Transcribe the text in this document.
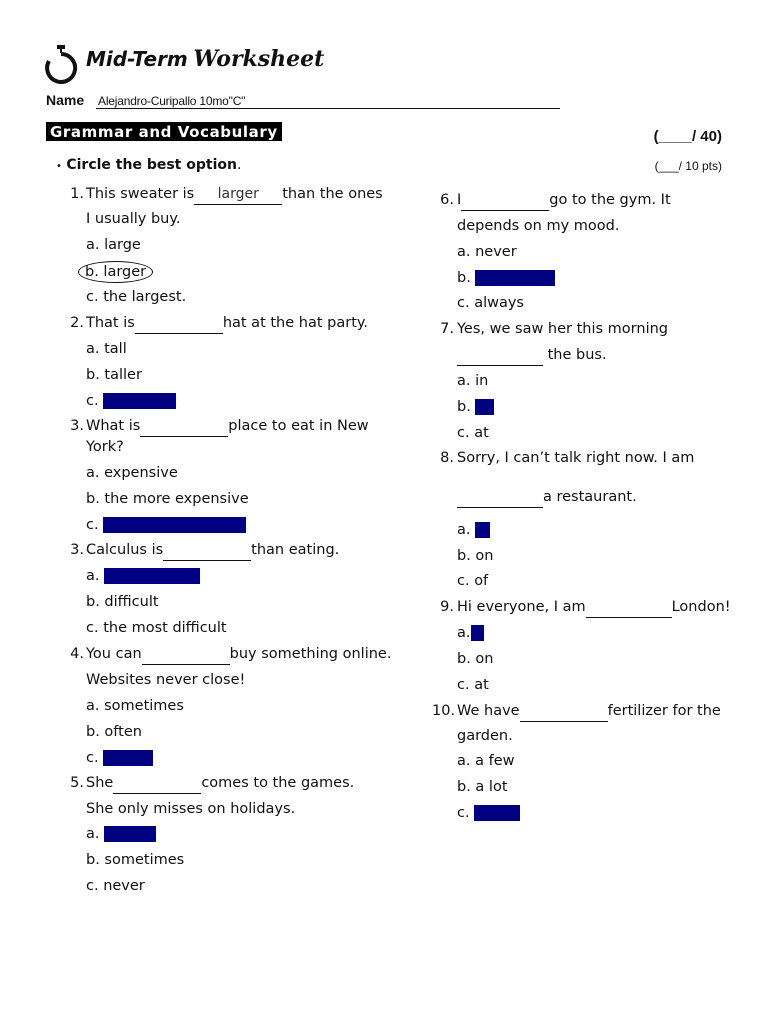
Mid-Term Worksheet
Name Alejandro-Curipallo 10mo"C"
Grammar and Vocabulary	(____/ 40)
(___/ 10 pts)
• Circle the best option.
1. This sweater is larger than the ones
I usually buy.
a. large
b. larger
c. the largest.
2. That is	hat at the hat party.
a. tall
b. taller
c. the tallest
3. What is	place to eat in New
York?
a. expensive
b. the more expensive
c. the most expensive
3. Calculus is	than eating.
a. more difficult
b. difficult
c. the most difficult
4. You can	buy something online.
Websites never close!
a. sometimes
b. often
c. always
5. She	comes to the games.
She only misses on holidays.
a. usually
b. sometimes
c. never
6. I	go to the gym. It
depends on my mood.
a. never
b. sometimes
c. always
7. Yes, we saw her this morning
the bus.
a. in
b. on
c. at
8. Sorry, I can’t talk right now. I am
a restaurant.
a. at
b. on
c. of
9. Hi everyone, I am	London!
a.in
b. on
c. at
10. We have	fertilizer for the
garden.
a. a few
b. a lot
c. a little
